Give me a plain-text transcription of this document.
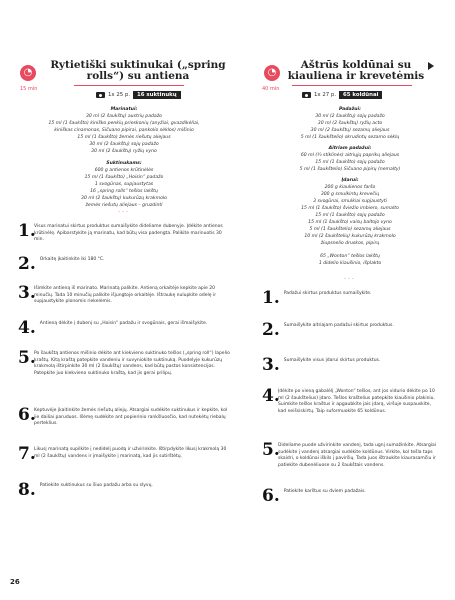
◔
15 min
Rytietiški suktinukai („spring rolls“) su antiena
1x 25 p.	16 suktinukų
Marinatui:
30 ml (2 šaukštų) austrių padažo
15 ml (1 šaukšto) kiniško penkių prieskonių (anyžiai, gvazdikėliai,
kiniškas cinamonas, Sičuano pipirai, pankolio sėklos) mišinio
15 ml (1 šaukšto) žemės riešutų aliejaus
30 ml (2 šaukštų) sojų padažo
30 ml (2 šaukštų) ryžių vyno
Suktinukams:
600 g antienos krūtinėlės
15 ml (1 šaukšto) „Hoisin“ padažo
1 svogūnas, supjaustytas
16 „spring rolls“ tešlos lakštų
30 ml (2 šaukštų) kukurūzų krakmolo
žemės riešutų aliejaus – gruzdinti
...
1.
Visus marinatui skirtus produktus sumaišykite dideliame dubenyje. Įdėkite antienos krūtinėlę. Apibarstykite ją marinatu, kad būtų visa padengta. Palikite marinuotis 30 min.
2. Orkaitę įkaitinkite iki 180 °C.
3.
Išimkite antieną iš marinato. Marinatą palikite. Antieną orkaitėje kepkite apie 20 minučių. Tada 10 minučių palikite išjungtoje orkaitėje. Ištraukę nulupkite odelę ir supjaustykite plonomis riekelėmis.
4. Antieną dėkite į dubenį su „Hoisin“ padažu ir svogūnais, gerai išmaišykite.
5.
Po šaukštą antienos mišinio dėkite ant kiekvieno suktinuko tešlos („spring roll“) lapelio kraštų. Kitą kraštą patepkite vandeniu ir suvyniokite suktinuką. Puodelyje kukurūzų krakmolą ištirpinkite 30 ml (2 šaukštų) vandens, kad būtų pastos konsistencijos. Patepkite juo kiekvieno suktinuko kraštą, kad jis gerai prilipų.
6.
Keptuvėje įkaitinkite žemės riešutų aliejų. Atsargiai sudėkite suktinukus ir kepkite, kol jie dailiai paruduos. Išėmę sudėkite ant popierinio rankšluosčio, kad nutekėtų riebalų perteklius.
7.
Likusį marinatą supilkite į nedidelį puodą ir užvirinkite. Ištirpdykite likusį krakmolą 30 ml (2 šaukštų) vandens ir įmaišykite į marinatą, kad jis sutirštėtų.
8. Patiekite suktinukus su šiuo padažu arba su slyvų.
◔
40 min
Aštrūs koldūnai su kiauliena ir krevetėmis
1x 27 p.	65 koldūnai
Padažui:
30 ml (2 šaukštų) sojų padažo
30 ml (2 šaukštų) ryžių acto
30 ml (2 šaukštų) sezamų aliejaus
5 ml (1 šaukštelio) skrudintų sezamo sėklų
Aitriam padažui:
60 ml (¼ stiklinės) aitriųjų paprikų aliejaus
15 ml (1 šaukšto) sojų padažo
5 ml (1 šaukštelio) Sičuano pipirų (nemalty)
Įdarui:
200 g kiaulienos faršo
300 g smulkintų krevečių
3 svogūnai, smulkiai supjaustyti
15 ml (1 šaukšto) šviežio imbiero, sumalto
15 ml (1 šaukšto) sojų padažo
15 ml (1 šaukšto) vaisų baltojo vyno
5 ml (1 šaukštelio) sezamų aliejaus
10 ml (2 šaukštelių) kukurūzų krakmolo
žiupsnelio druskos, pipirų
65 „Wonton“ tešlos lakštų
1 didelio kiaušinio, išplakto
...
1. Padažui skirtus produktus sumaišykite.
2. Sumaišykite aitriajam padažui skirtus produktus.
3. Sumaišykite visus įdarui skirtus produktus.
4.
Įdėkite po vieną gabalėlį „Wonton“ tešlos, ant jos vidurio dėkite po 10 ml (2 šaukštelius) įdaro. Tešlos kraštelius patepkite kiaušinio plakiniu. Suimkite tešlos kraštus ir apgaubkite jais įdarą, viršuje suspauskite, kad neišsiskirtų. Taip suformuokite 65 koldūnus.
5.
Dideliame puode užvirinkite vandenį, tada ugnį sumažinkite. Atsargiai sudėkite į vandenį atsargiai sudėkite koldūnus. Virkite, kol tešla taps skaidri, o koldūnai iškils į paviršių. Tada juos ištraukite kiaurasamčiu ir patiekite dubenėliuose su 2 šaukštais vandens.
6. Patiekite karštus su dviem padažais.
26
